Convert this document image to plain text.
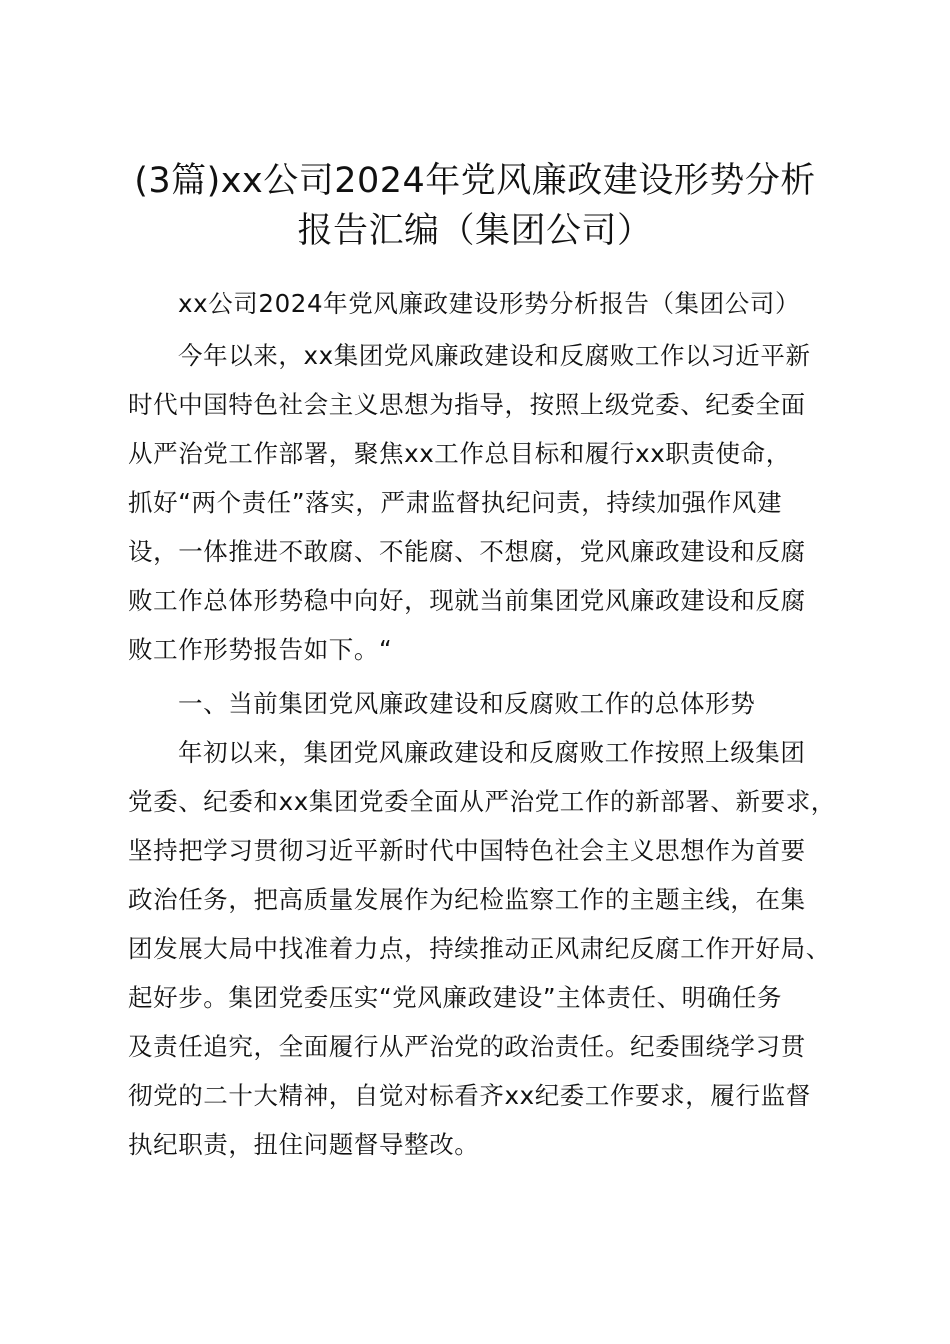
(3篇)xx公司2024年党风廉政建设形势分析
报告汇编（集团公司）
xx公司2024年党风廉政建设形势分析报告（集团公司）
今年以来，xx集团党风廉政建设和反腐败工作以习近平新
时代中国特色社会主义思想为指导，按照上级党委、纪委全面
从严治党工作部署，聚焦xx工作总目标和履行xx职责使命，
抓好“两个责任”落实，严肃监督执纪问责，持续加强作风建
设，一体推进不敢腐、不能腐、不想腐，党风廉政建设和反腐
败工作总体形势稳中向好，现就当前集团党风廉政建设和反腐
败工作形势报告如下。“
一、当前集团党风廉政建设和反腐败工作的总体形势
年初以来，集团党风廉政建设和反腐败工作按照上级集团
党委、纪委和xx集团党委全面从严治党工作的新部署、新要求，
坚持把学习贯彻习近平新时代中国特色社会主义思想作为首要
政治任务，把高质量发展作为纪检监察工作的主题主线，在集
团发展大局中找准着力点，持续推动正风肃纪反腐工作开好局、
起好步。集团党委压实“党风廉政建设”主体责任、明确任务
及责任追究，全面履行从严治党的政治责任。纪委围绕学习贯
彻党的二十大精神，自觉对标看齐xx纪委工作要求，履行监督
执纪职责，扭住问题督导整改。
